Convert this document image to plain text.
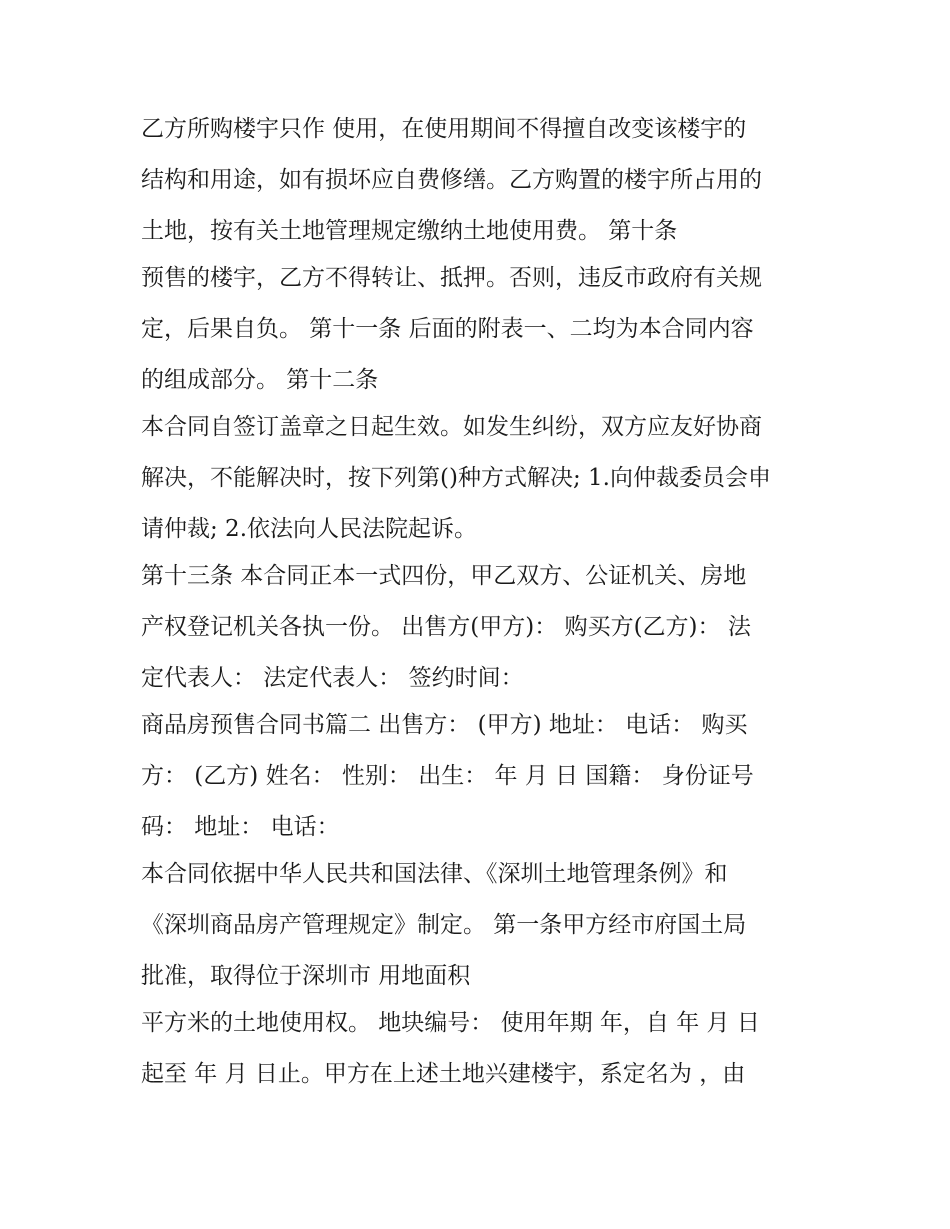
乙方所购楼宇只作 使用，在使用期间不得擅自改变该楼宇的
结构和用途，如有损坏应自费修缮。乙方购置的楼宇所占用的
土地，按有关土地管理规定缴纳土地使用费。 第十条

预售的楼宇，乙方不得转让、抵押。否则，违反市政府有关规
定，后果自负。 第十一条 后面的附表一、二均为本合同内容
的组成部分。 第十二条

本合同自签订盖章之日起生效。如发生纠纷，双方应友好协商
解决，不能解决时，按下列第()种方式解决; 1.向仲裁委员会申
请仲裁; 2.依法向人民法院起诉。

第十三条 本合同正本一式四份，甲乙双方、公证机关、房地
产权登记机关各执一份。 出售方(甲方)： 购买方(乙方)： 法
定代表人： 法定代表人： 签约时间：

商品房预售合同书篇二 出售方： (甲方) 地址： 电话： 购买
方： (乙方) 姓名： 性别： 出生： 年 月 日 国籍： 身份证号
码： 地址： 电话：

本合同依据中华人民共和国法律、《深圳土地管理条例》和
《深圳商品房产管理规定》制定。 第一条甲方经市府国土局
批准，取得位于深圳市 用地面积

平方米的土地使用权。 地块编号： 使用年期 年，自 年 月 日
起至 年 月 日止。甲方在上述土地兴建楼宇，系定名为 ，由
